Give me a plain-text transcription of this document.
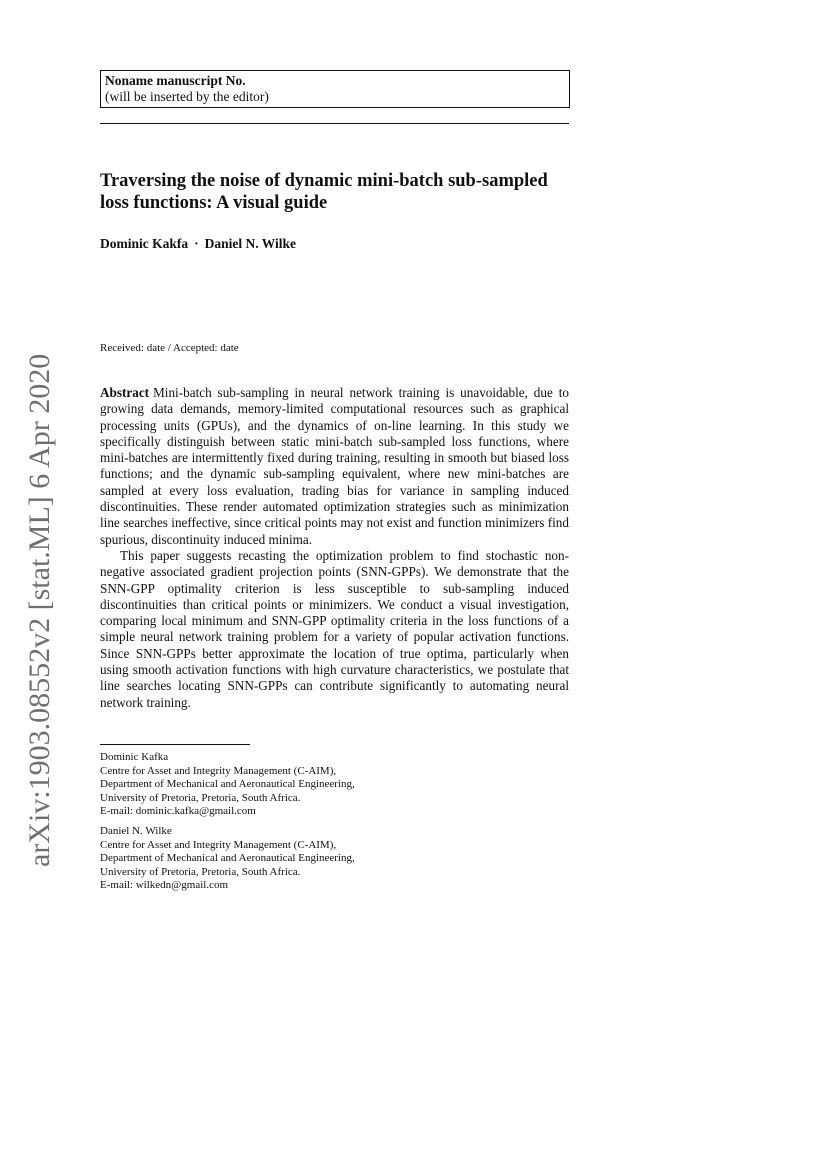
arXiv:1903.08552v2 [stat.ML] 6 Apr 2020
Noname manuscript No.
(will be inserted by the editor)
Traversing the noise of dynamic mini-batch sub-sampled loss functions: A visual guide
Dominic Kakfa · Daniel N. Wilke
Received: date / Accepted: date

Abstract Mini-batch sub-sampling in neural network training is unavoidable, due to growing data demands, memory-limited computational resources such as graphical processing units (GPUs), and the dynamics of on-line learning. In this study we specifically distinguish between static mini-batch sub-sampled loss functions, where mini-batches are intermittently fixed during training, resulting in smooth but biased loss functions; and the dynamic sub-sampling equivalent, where new mini-batches are sampled at every loss evaluation, trading bias for variance in sampling induced discontinuities. These render automated optimization strategies such as minimization line searches ineffective, since critical points may not exist and function minimizers find spurious, discontinuity induced minima.

This paper suggests recasting the optimization problem to find stochastic non-negative associated gradient projection points (SNN-GPPs). We demonstrate that the SNN-GPP optimality criterion is less susceptible to sub-sampling induced discontinuities than critical points or minimizers. We conduct a visual investigation, comparing local minimum and SNN-GPP optimality criteria in the loss functions of a simple neural network training problem for a variety of popular activation functions. Since SNN-GPPs better approximate the location of true optima, particularly when using smooth activation functions with high curvature characteristics, we postulate that line searches locating SNN-GPPs can contribute significantly to automating neural network training.

Dominic Kafka
Centre for Asset and Integrity Management (C-AIM),
Department of Mechanical and Aeronautical Engineering,
University of Pretoria, Pretoria, South Africa.
E-mail: dominic.kafka@gmail.com
Daniel N. Wilke
Centre for Asset and Integrity Management (C-AIM),
Department of Mechanical and Aeronautical Engineering,
University of Pretoria, Pretoria, South Africa.
E-mail: wilkedn@gmail.com
